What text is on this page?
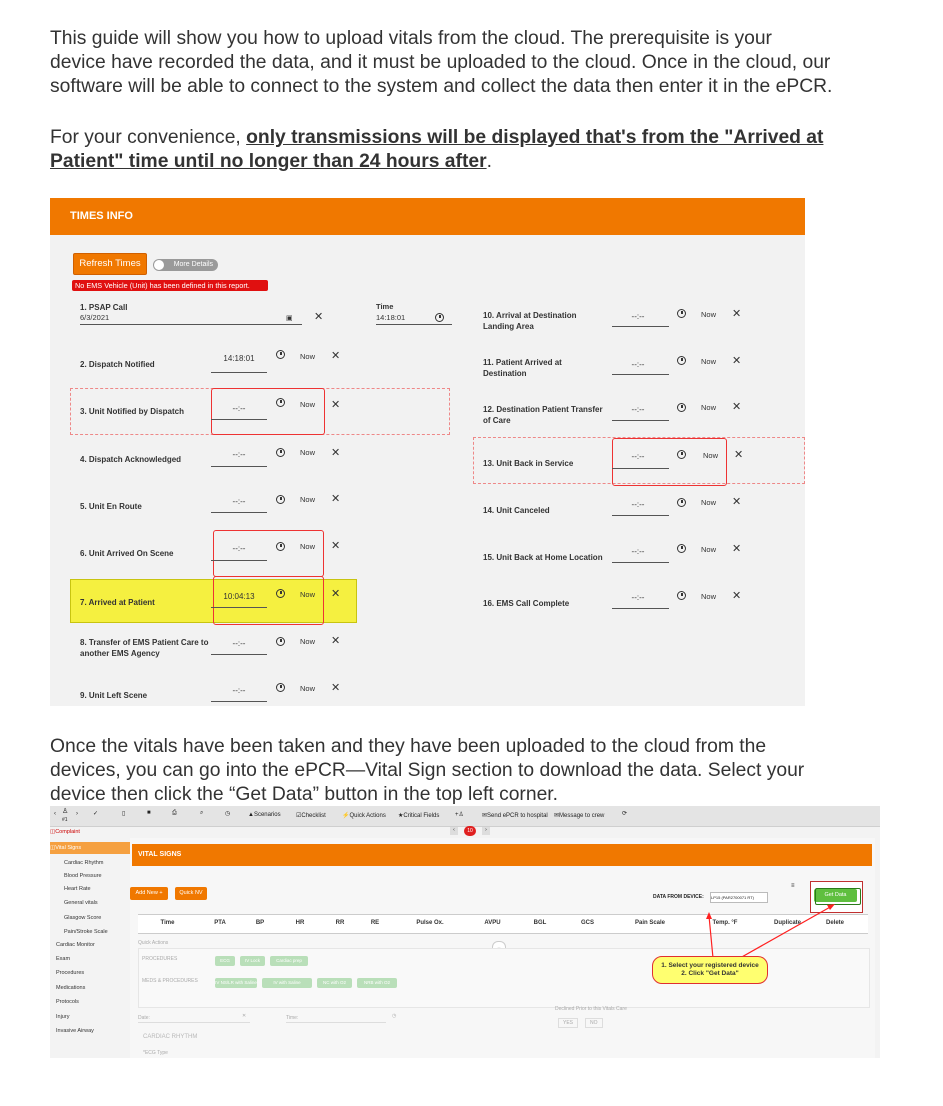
This guide will show you how to upload vitals from the cloud. The prerequisite is your
device have recorded the data, and it must be uploaded to the cloud. Once in the cloud, our
software will be able to connect to the system and collect the data then enter it in the ePCR.
For your convenience, only transmissions will be displayed that's from the "Arrived at
Patient" time until no longer than 24 hours after.
TIMES INFO
Refresh Times	More Details
No EMS Vehicle (Unit) has been defined in this report.
1. PSAP Call
6/3/2021	▣ ✕
Time
14:18:01
2. Dispatch Notified
14:18:01	Now ✕
3. Unit Notified by Dispatch	--:--	Now ✕
4. Dispatch Acknowledged
--:--	Now ✕
5. Unit En Route
--:--	Now ✕
6. Unit Arrived On Scene
--:--	Now ✕
7. Arrived at Patient
10:04:13	Now ✕
8. Transfer of EMS Patient Care to another EMS Agency
--:--	Now ✕
9. Unit Left Scene
--:--	Now ✕
10. Arrival at Destination Landing Area
--:--	Now ✕
11. Patient Arrived at Destination
--:--	Now ✕
12. Destination Patient Transfer of Care
--:--	Now ✕
13. Unit Back in Service
--:--	Now ✕
14. Unit Canceled
--:--	Now ✕
15. Unit Back at Home Location
--:--	Now ✕
16. EMS Call Complete
--:--	Now ✕
Once the vitals have been taken and they have been uploaded to the cloud from the
devices, you can go into the ePCR—Vital Sign section to download the data. Select your
device then click the “Get Data” button in the top left corner.
‹ ♙
#1
›	✓	▯	■	⎙	⌕	◷	▲Scenarios	☑Checklist	⚡Quick Actions ★Critical Fields	+♙	✉Send ePCR to hospital ✉Message to crew	⟳
‹	10	›
◫Complaint
◫Vital Signs
Cardiac Rhythm
Blood Pressure
Heart Rate
General vitals
Glasgow Score
Pain/Stroke Scale
Cardiac Monitor
Exam
Procedures
Medications
Protocols
Injury
Invasive Airway
VITAL SIGNS
Add New +	Quick NV
DATA FROM DEVICE: LP15 (PAR2700071 RT)
≡
Get Data
Time	PTA	BP	HR	RR	RE	Pulse Ox.	AVPU	BGL	GCS	Pain Scale	Temp. °F	Duplicate	Delete
Quick Actions
PROCEDURES	ECG	IV Lock	Cardiac prep
MEDS & PROCEDURES	IV NS/LR with Saline	IV with Saline	NC with O2	NRB with O2
Date:	✕	Time:	◷
Declined Prior to this Vitals Care
YES	NO
CARDIAC RHYTHM
*ECG Type
1. Select your registered device
2. Click "Get Data"
